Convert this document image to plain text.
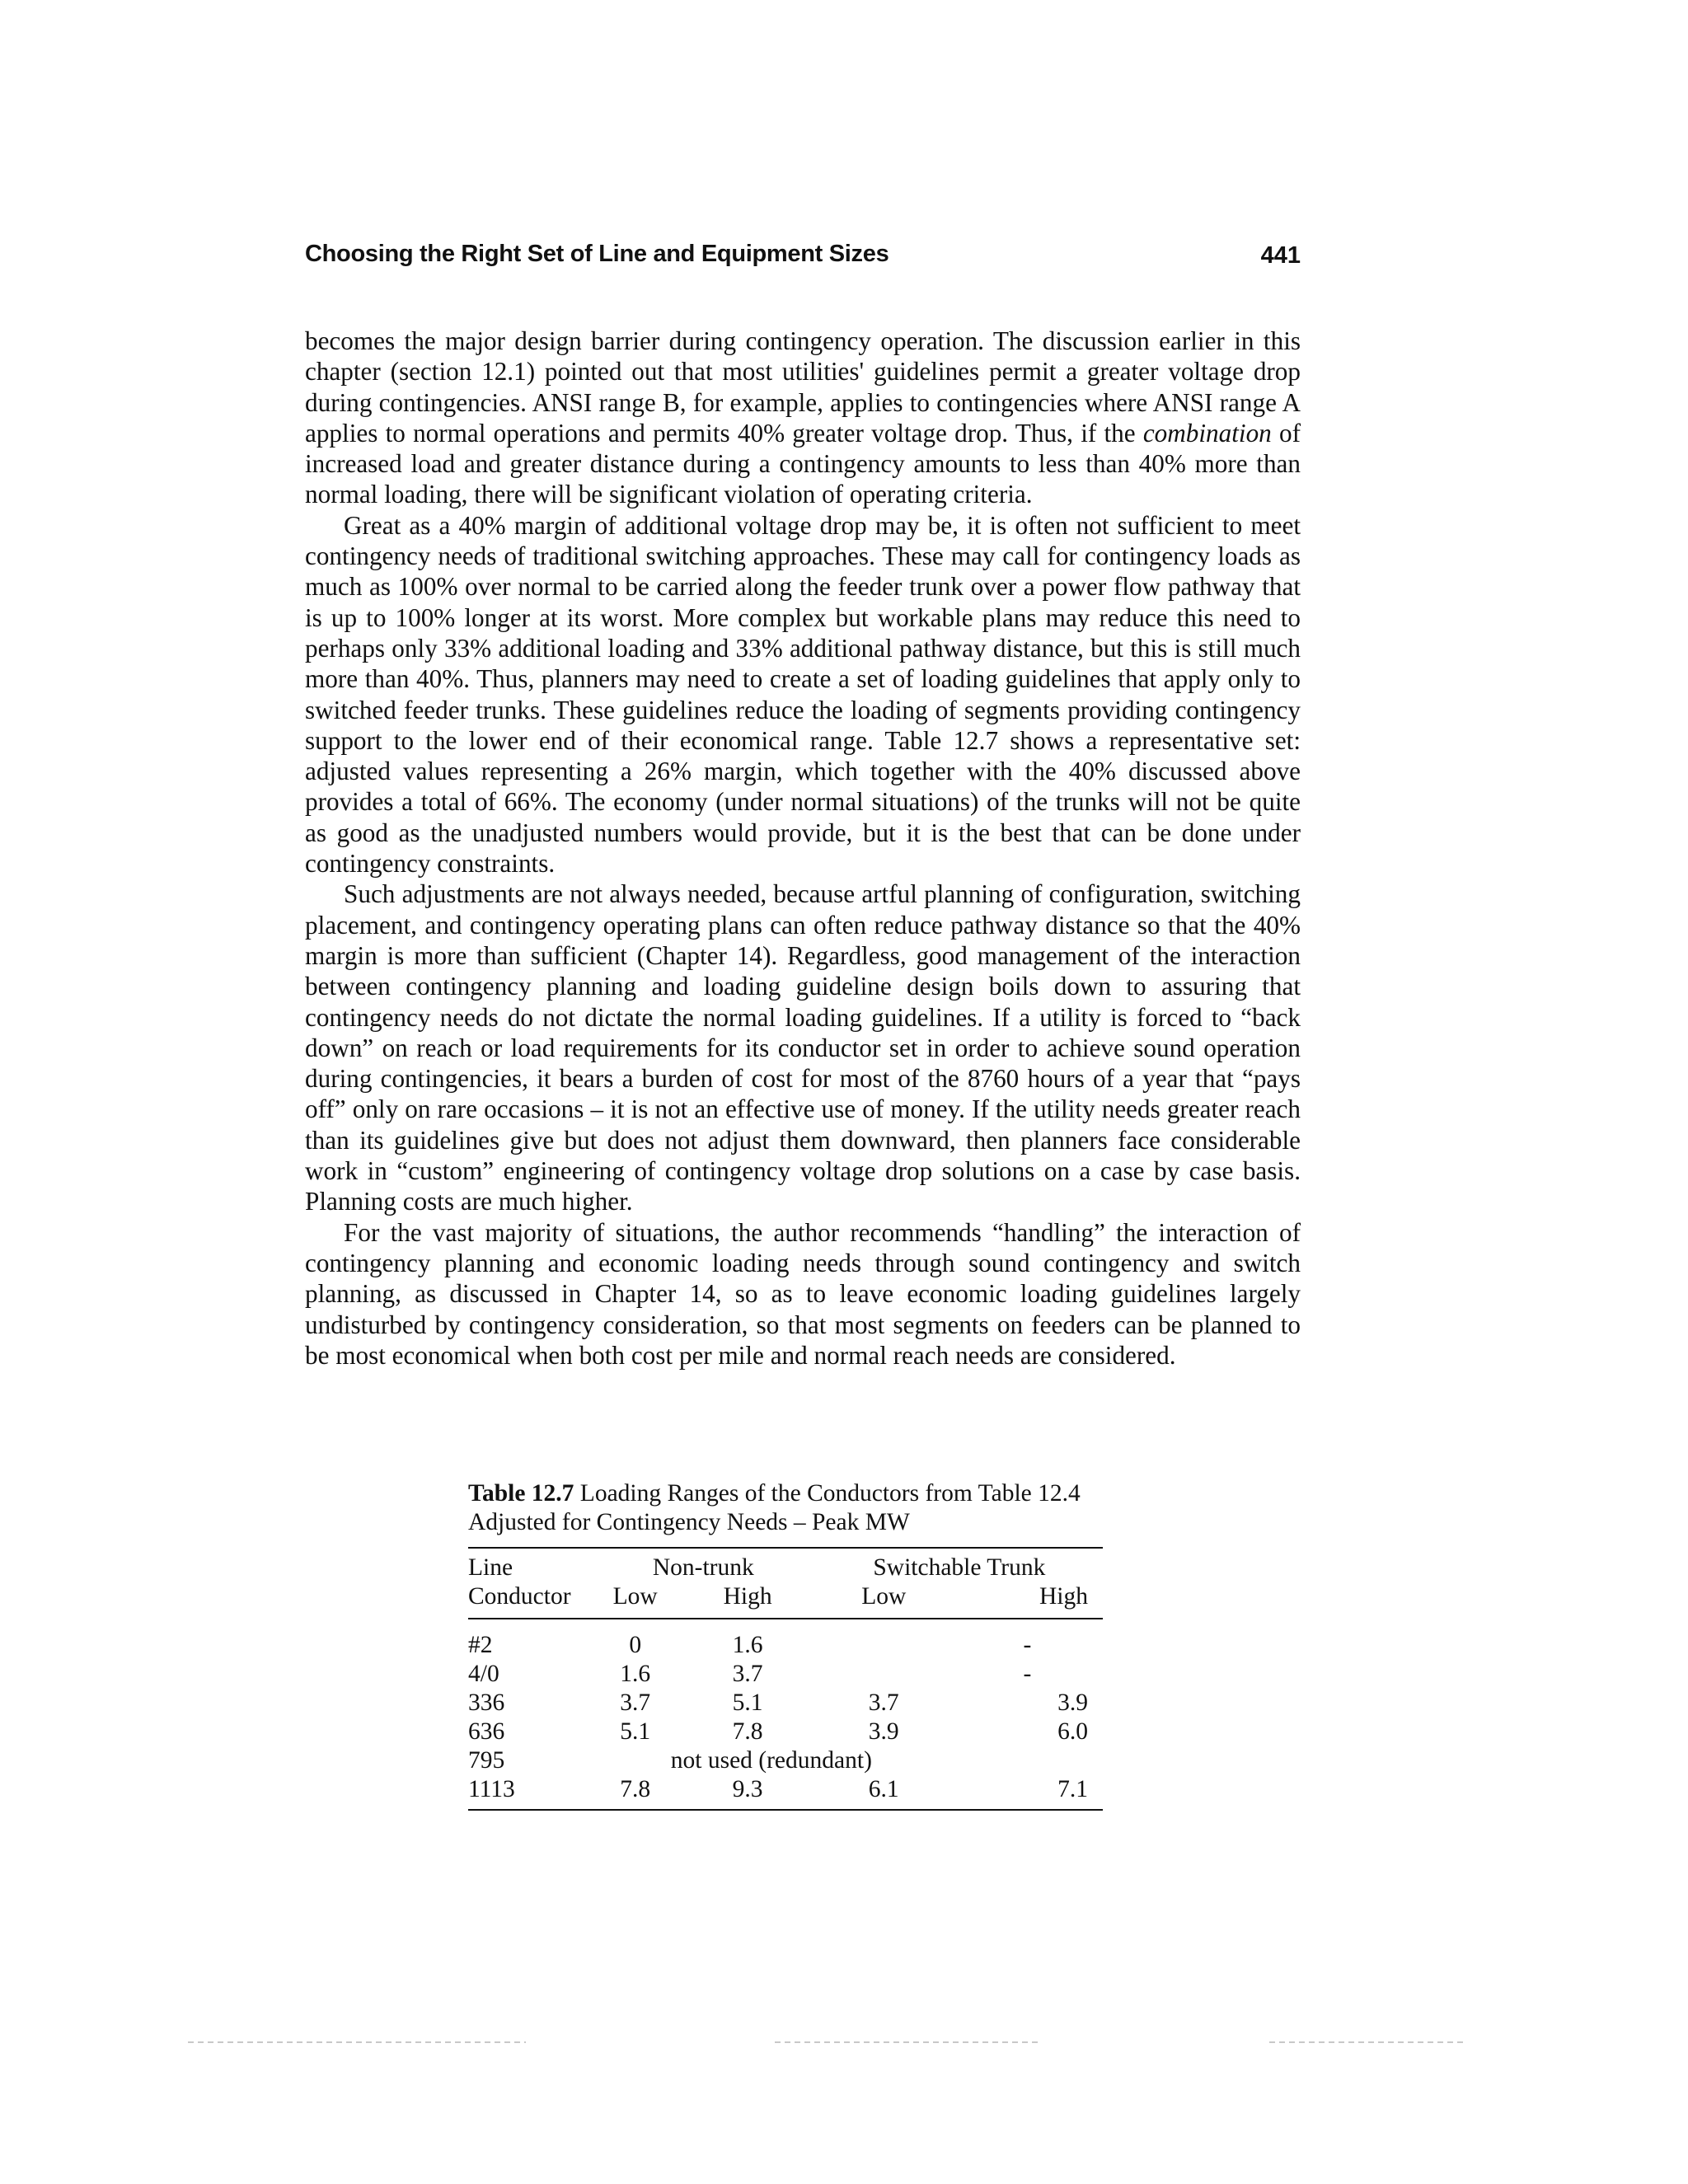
Choosing the Right Set of Line and Equipment Sizes	441

becomes the major design barrier during contingency operation. The discussion earlier in this chapter (section 12.1) pointed out that most utilities' guidelines permit a greater voltage drop during contingencies. ANSI range B, for example, applies to contingencies where ANSI range A applies to normal operations and permits 40% greater voltage drop. Thus, if the combination of increased load and greater distance during a contingency amounts to less than 40% more than normal loading, there will be significant violation of operating criteria.

Great as a 40% margin of additional voltage drop may be, it is often not sufficient to meet contingency needs of traditional switching approaches. These may call for contingency loads as much as 100% over normal to be carried along the feeder trunk over a power flow pathway that is up to 100% longer at its worst. More complex but workable plans may reduce this need to perhaps only 33% additional loading and 33% additional pathway distance, but this is still much more than 40%. Thus, planners may need to create a set of loading guidelines that apply only to switched feeder trunks. These guidelines reduce the loading of segments providing contingency support to the lower end of their economical range. Table 12.7 shows a representative set: adjusted values representing a 26% margin, which together with the 40% discussed above provides a total of 66%. The economy (under normal situations) of the trunks will not be quite as good as the unadjusted numbers would provide, but it is the best that can be done under contingency constraints.

Such adjustments are not always needed, because artful planning of configuration, switching placement, and contingency operating plans can often reduce pathway distance so that the 40% margin is more than sufficient (Chapter 14). Regardless, good management of the interaction between contingency planning and loading guideline design boils down to assuring that contingency needs do not dictate the normal loading guidelines. If a utility is forced to “back down” on reach or load requirements for its conductor set in order to achieve sound operation during contingencies, it bears a burden of cost for most of the 8760 hours of a year that “pays off” only on rare occasions – it is not an effective use of money. If the utility needs greater reach than its guidelines give but does not adjust them downward, then planners face considerable work in “custom” engineering of contingency voltage drop solutions on a case by case basis. Planning costs are much higher.

For the vast majority of situations, the author recommends “handling” the interaction of contingency planning and economic loading needs through sound contingency and switch planning, as discussed in Chapter 14, so as to leave economic loading guidelines largely undisturbed by contingency consideration, so that most segments on feeders can be planned to be most economical when both cost per mile and normal reach needs are considered.

Table 12.7 Loading Ranges of the Conductors from Table 12.4
Adjusted for Contingency Needs – Peak MW

Line	Non-trunk		Switchable Trunk	
Conductor	Low	High	Low	High
#2	0	1.6		-
4/0	1.6	3.7		-
336	3.7	5.1	3.7	3.9
636	5.1	7.8	3.9	6.0
795	not used (redundant)			
1113	7.8	9.3	6.1	7.1
